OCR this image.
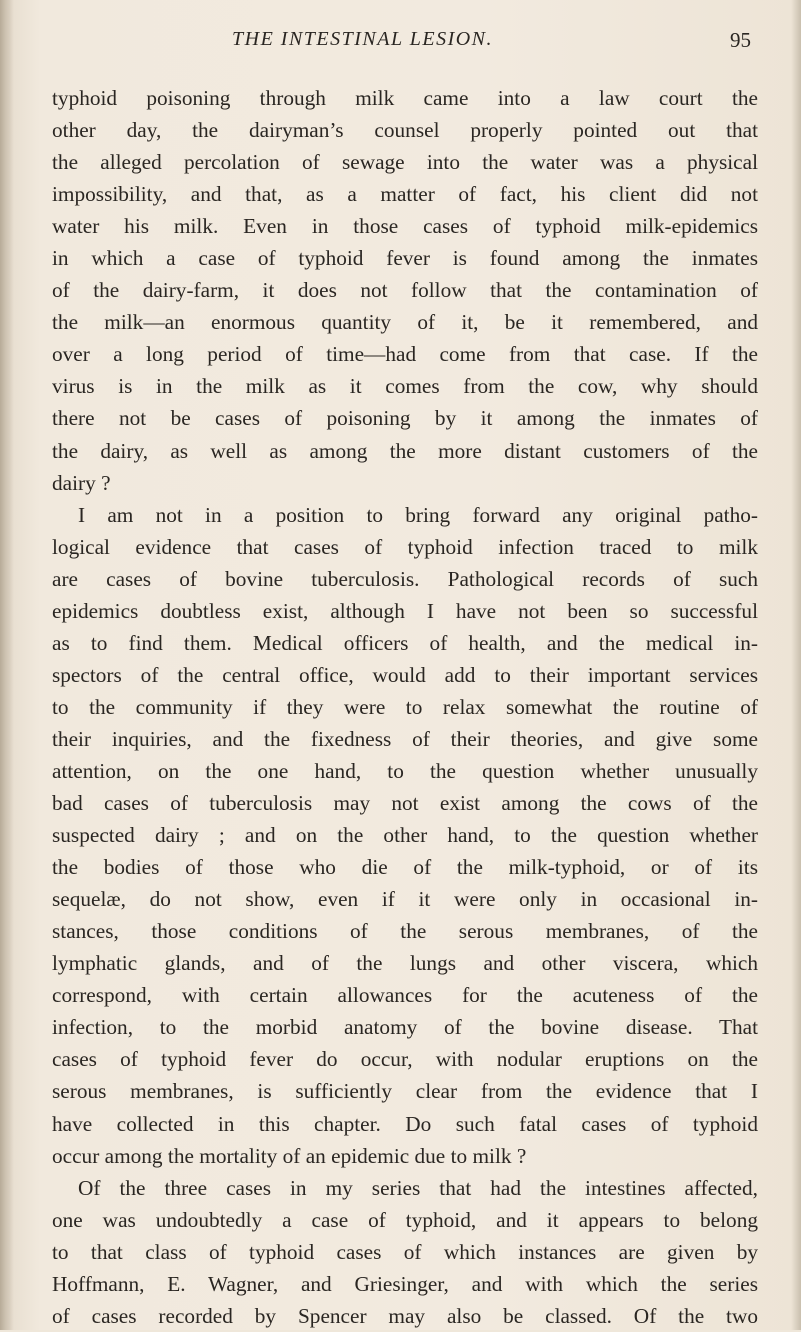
THE INTESTINAL LESION.	95
typhoid poisoning through milk came into a law court the
other day, the dairyman’s counsel properly pointed out that
the alleged percolation of sewage into the water was a physical
impossibility, and that, as a matter of fact, his client did not
water his milk. Even in those cases of typhoid milk-epidemics
in which a case of typhoid fever is found among the inmates
of the dairy-farm, it does not follow that the contamination of
the milk—an enormous quantity of it, be it remembered, and
over a long period of time—had come from that case. If the
virus is in the milk as it comes from the cow, why should
there not be cases of poisoning by it among the inmates of
the dairy, as well as among the more distant customers of the
dairy ?
I am not in a position to bring forward any original patho-
logical evidence that cases of typhoid infection traced to milk
are cases of bovine tuberculosis. Pathological records of such
epidemics doubtless exist, although I have not been so successful
as to find them. Medical officers of health, and the medical in-
spectors of the central office, would add to their important services
to the community if they were to relax somewhat the routine of
their inquiries, and the fixedness of their theories, and give some
attention, on the one hand, to the question whether unusually
bad cases of tuberculosis may not exist among the cows of the
suspected dairy ; and on the other hand, to the question whether
the bodies of those who die of the milk-typhoid, or of its
sequelæ, do not show, even if it were only in occasional in-
stances, those conditions of the serous membranes, of the
lymphatic glands, and of the lungs and other viscera, which
correspond, with certain allowances for the acuteness of the
infection, to the morbid anatomy of the bovine disease. That
cases of typhoid fever do occur, with nodular eruptions on the
serous membranes, is sufficiently clear from the evidence that I
have collected in this chapter. Do such fatal cases of typhoid
occur among the mortality of an epidemic due to milk ?
Of the three cases in my series that had the intestines affected,
one was undoubtedly a case of typhoid, and it appears to belong
to that class of typhoid cases of which instances are given by
Hoffmann, E. Wagner, and Griesinger, and with which the series
of cases recorded by Spencer may also be classed. Of the two
